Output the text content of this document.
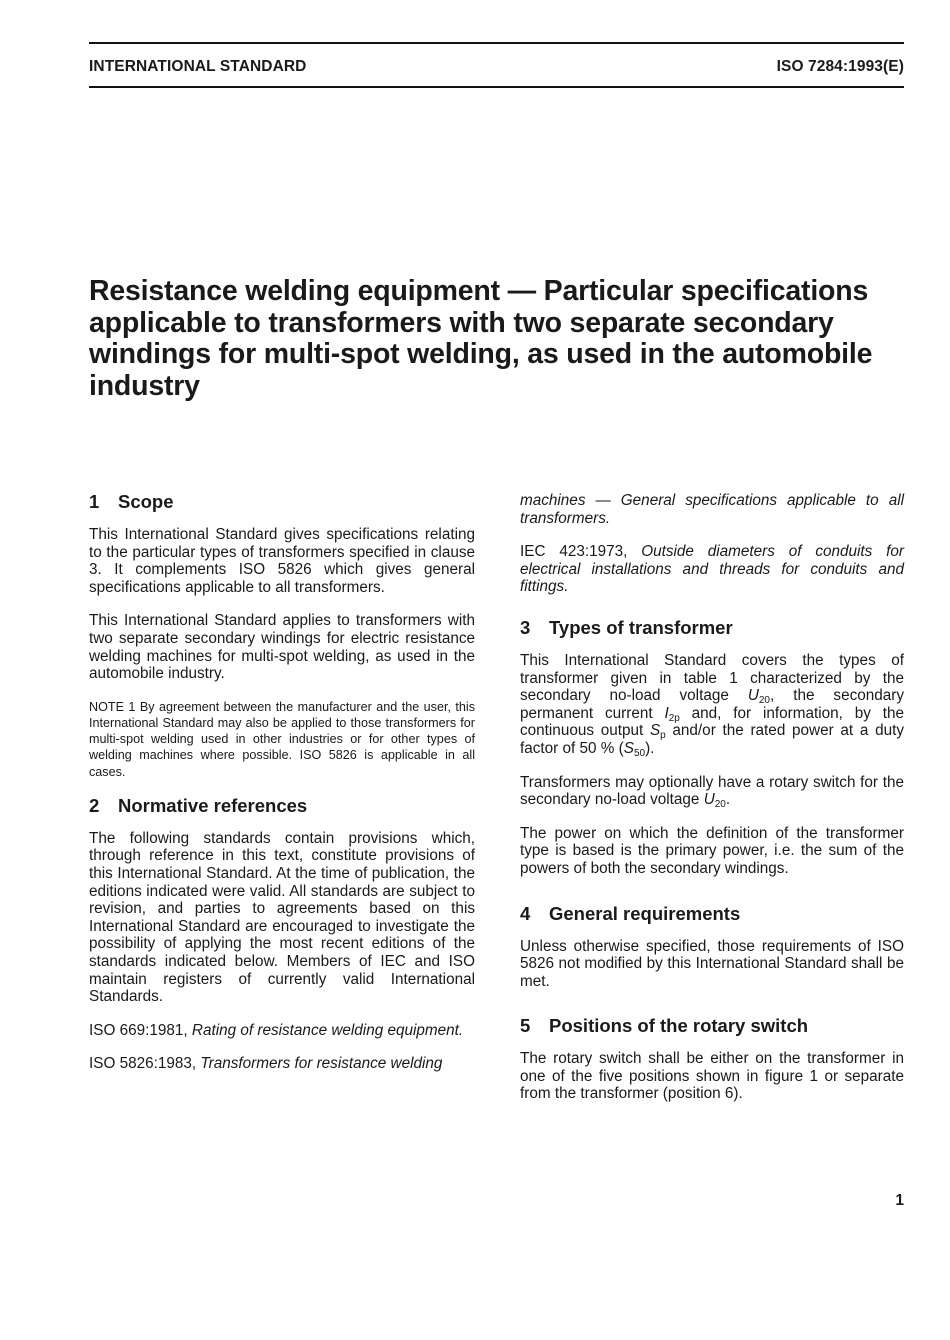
INTERNATIONAL STANDARD	ISO 7284:1993(E)
Resistance welding equipment — Particular specifications applicable to transformers with two separate secondary windings for multi-spot welding, as used in the automobile industry
1 Scope

This International Standard gives specifications relating to the particular types of transformers specified in clause 3. It complements ISO 5826 which gives general specifications applicable to all transformers.

This International Standard applies to transformers with two separate secondary windings for electric resistance welding machines for multi-spot welding, as used in the automobile industry.

NOTE 1 By agreement between the manufacturer and the user, this International Standard may also be applied to those transformers for multi-spot welding used in other industries or for other types of welding machines where possible. ISO 5826 is applicable in all cases.

2 Normative references

The following standards contain provisions which, through reference in this text, constitute provisions of this International Standard. At the time of publication, the editions indicated were valid. All standards are subject to revision, and parties to agreements based on this International Standard are encouraged to investigate the possibility of applying the most recent editions of the standards indicated below. Members of IEC and ISO maintain registers of currently valid International Standards.

ISO 669:1981, Rating of resistance welding equipment.

ISO 5826:1983, Transformers for resistance welding

machines — General specifications applicable to all transformers.

IEC 423:1973, Outside diameters of conduits for electrical installations and threads for conduits and fittings.

3 Types of transformer

This International Standard covers the types of transformer given in table 1 characterized by the secondary no-load voltage $U_{20}$, the secondary permanent current $I_{2p}$ and, for information, by the continuous output $S_p$ and/or the rated power at a duty factor of 50 % $(S_{50})$.

Transformers may optionally have a rotary switch for the secondary no-load voltage $U_{20}$.

The power on which the definition of the transformer type is based is the primary power, i.e. the sum of the powers of both the secondary windings.

4 General requirements

Unless otherwise specified, those requirements of ISO 5826 not modified by this International Standard shall be met.

5 Positions of the rotary switch

The rotary switch shall be either on the transformer in one of the five positions shown in figure 1 or separate from the transformer (position 6).

1
